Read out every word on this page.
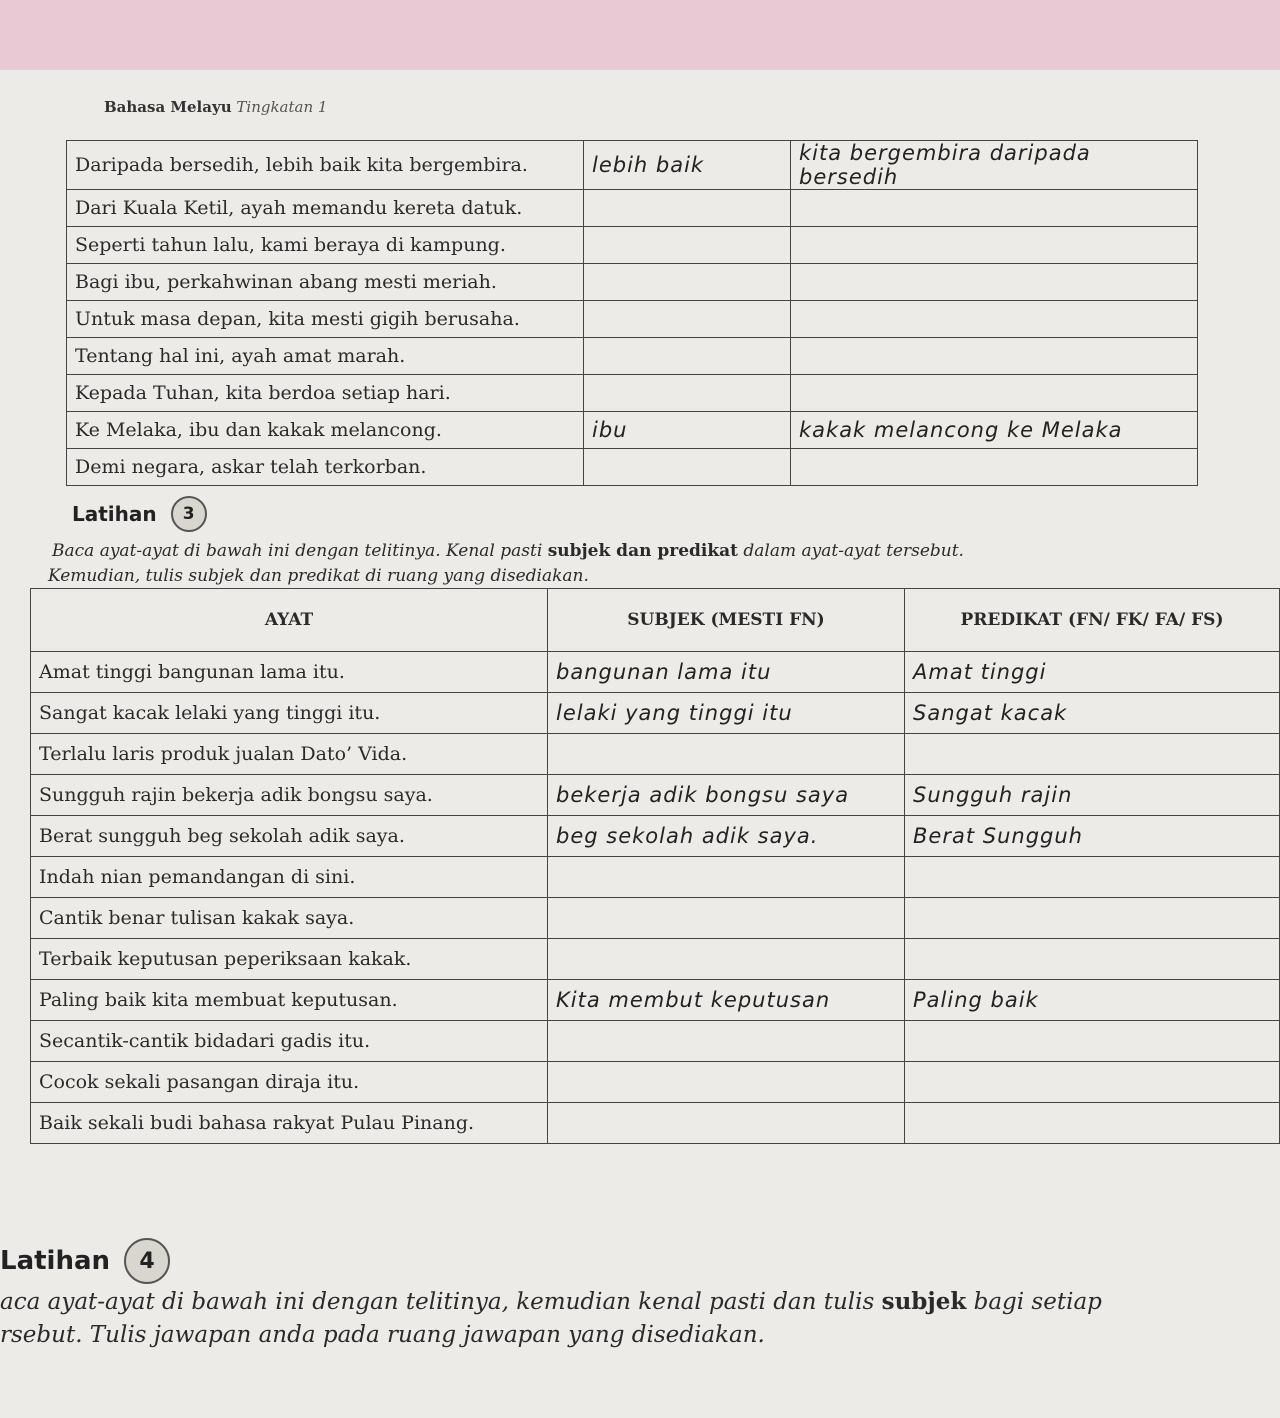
Bahasa Melayu Tingkatan 1
Daripada bersedih, lebih baik kita bergembira.	lebih baik	kita bergembira daripada bersedih
Dari Kuala Ketil, ayah memandu kereta datuk.		
Seperti tahun lalu, kami beraya di kampung.		
Bagi ibu, perkahwinan abang mesti meriah.		
Untuk masa depan, kita mesti gigih berusaha.		
Tentang hal ini, ayah amat marah.		
Kepada Tuhan, kita berdoa setiap hari.		
Ke Melaka, ibu dan kakak melancong.	ibu	kakak melancong ke Melaka
Demi negara, askar telah terkorban.		
Latihan	3
Baca ayat-ayat di bawah ini dengan telitinya. Kenal pasti subjek dan predikat dalam ayat-ayat tersebut.
Kemudian, tulis subjek dan predikat di ruang yang disediakan.
AYAT	SUBJEK (MESTI FN)	PREDIKAT (FN/ FK/ FA/ FS)
Amat tinggi bangunan lama itu.	bangunan lama itu	Amat tinggi
Sangat kacak lelaki yang tinggi itu.	lelaki yang tinggi itu	Sangat kacak
Terlalu laris produk jualan Dato’ Vida.		
Sungguh rajin bekerja adik bongsu saya.	bekerja adik bongsu saya	Sungguh rajin
Berat sungguh beg sekolah adik saya.	beg sekolah adik saya.	Berat Sungguh
Indah nian pemandangan di sini.		
Cantik benar tulisan kakak saya.		
Terbaik keputusan peperiksaan kakak.		
Paling baik kita membuat keputusan.	Kita membut keputusan	Paling baik
Secantik-cantik bidadari gadis itu.		
Cocok sekali pasangan diraja itu.		
Baik sekali budi bahasa rakyat Pulau Pinang.		
Latihan	4
aca ayat-ayat di bawah ini dengan telitinya, kemudian kenal pasti dan tulis subjek bagi setiap
rsebut. Tulis jawapan anda pada ruang jawapan yang disediakan.
